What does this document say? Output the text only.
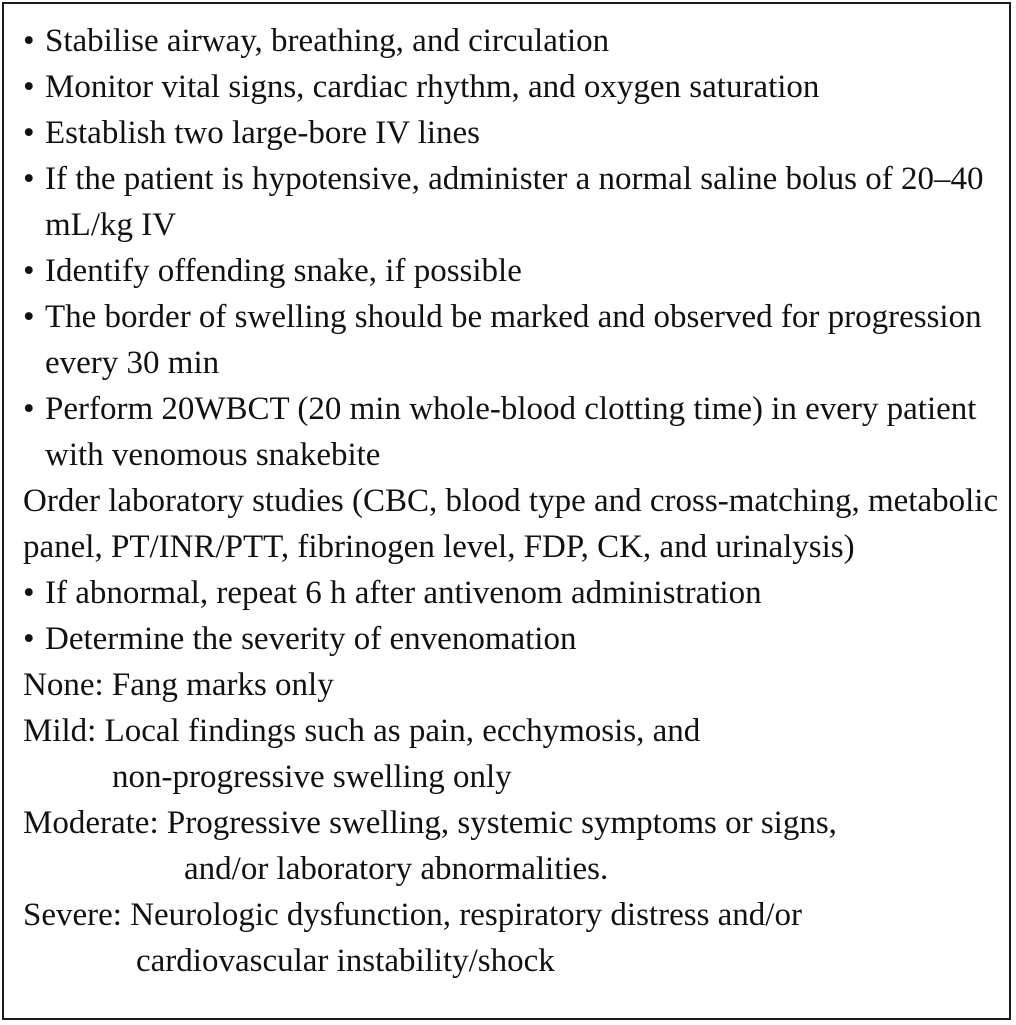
• Stabilise airway, breathing, and circulation
• Monitor vital signs, cardiac rhythm, and oxygen saturation
• Establish two large-bore IV lines
• If the patient is hypotensive, administer a normal saline bolus of 20–40 mL/kg IV
• Identify offending snake, if possible
• The border of swelling should be marked and observed for progression every 30 min
• Perform 20WBCT (20 min whole-blood clotting time) in every patient with venomous snakebite
Order laboratory studies (CBC, blood type and cross-matching, metabolic panel, PT/INR/PTT, fibrinogen level, FDP, CK, and urinalysis)
• If abnormal, repeat 6 h after antivenom administration
• Determine the severity of envenomation
None: Fang marks only
Mild: Local findings such as pain, ecchymosis, and
non-progressive swelling only
Moderate: Progressive swelling, systemic symptoms or signs,
and/or laboratory abnormalities.
Severe: Neurologic dysfunction, respiratory distress and/or
cardiovascular instability/shock
